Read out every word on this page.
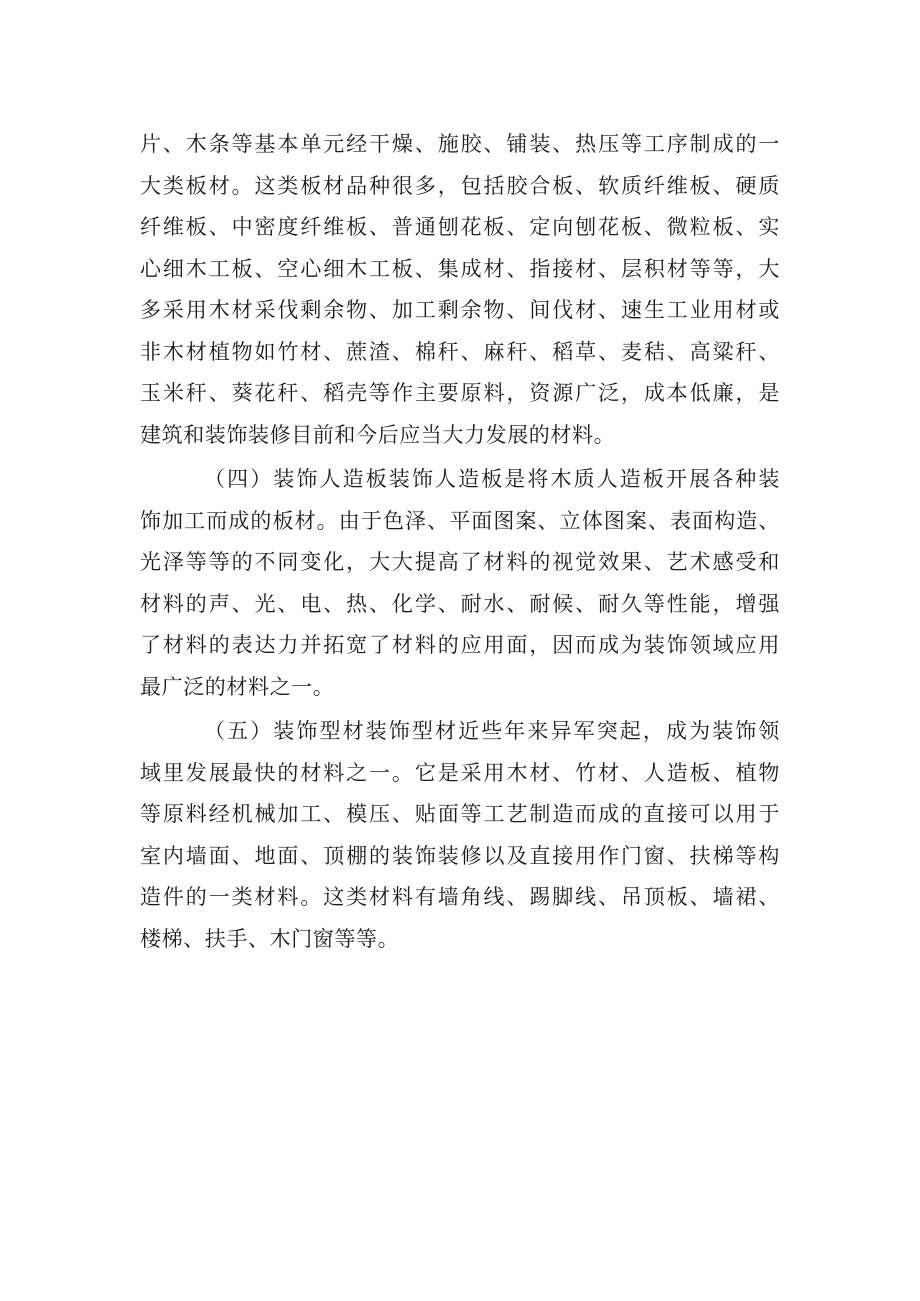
片、木条等基本单元经干燥、施胶、铺装、热压等工序制成的一
大类板材。这类板材品种很多，包括胶合板、软质纤维板、硬质
纤维板、中密度纤维板、普通刨花板、定向刨花板、微粒板、实
心细木工板、空心细木工板、集成材、指接材、层积材等等，大
多采用木材采伐剩余物、加工剩余物、间伐材、速生工业用材或
非木材植物如竹材、蔗渣、棉秆、麻秆、稻草、麦秸、高粱秆、
玉米秆、葵花秆、稻壳等作主要原料，资源广泛，成本低廉，是
建筑和装饰装修目前和今后应当大力发展的材料。
（四）装饰人造板装饰人造板是将木质人造板开展各种装
饰加工而成的板材。由于色泽、平面图案、立体图案、表面构造、
光泽等等的不同变化，大大提高了材料的视觉效果、艺术感受和
材料的声、光、电、热、化学、耐水、耐候、耐久等性能，增强
了材料的表达力并拓宽了材料的应用面，因而成为装饰领域应用
最广泛的材料之一。
（五）装饰型材装饰型材近些年来异军突起，成为装饰领
域里发展最快的材料之一。它是采用木材、竹材、人造板、植物
等原料经机械加工、模压、贴面等工艺制造而成的直接可以用于
室内墙面、地面、顶棚的装饰装修以及直接用作门窗、扶梯等构
造件的一类材料。这类材料有墙角线、踢脚线、吊顶板、墙裙、
楼梯、扶手、木门窗等等。
